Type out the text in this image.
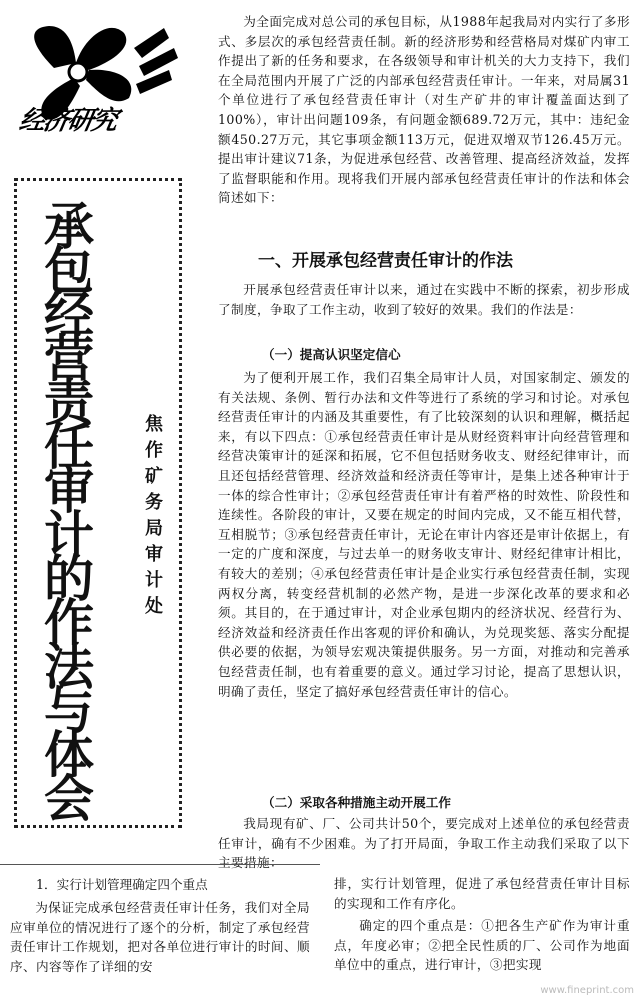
经济研究
承
包
经
营
责
任
审
计
的
作
法
与
体
会
焦
作
矿
务
局
审
计
处

为全面完成对总公司的承包目标，从1988年起我局对内实行了多形式、多层次的承包经营责任制。新的经济形势和经营格局对煤矿内审工作提出了新的任务和要求，在各级领导和审计机关的大力支持下，我们在全局范围内开展了广泛的内部承包经营责任审计。一年来，对局属31个单位进行了承包经营责任审计（对生产矿井的审计覆盖面达到了100%），审计出问题109条，有问题金额689.72万元，其中：违纪金额450.27万元，其它事项金额113万元，促进双增双节126.45万元。提出审计建议71条，为促进承包经营、改善管理、提高经济效益，发挥了监督职能和作用。现将我们开展内部承包经营责任审计的作法和体会简述如下：

一、开展承包经营责任审计的作法

开展承包经营责任审计以来，通过在实践中不断的探索，初步形成了制度，争取了工作主动，收到了较好的效果。我们的作法是：

（一）提高认识坚定信心

为了便利开展工作，我们召集全局审计人员，对国家制定、颁发的有关法规、条例、暂行办法和文件等进行了系统的学习和讨论。对承包经营责任审计的内涵及其重要性，有了比较深刻的认识和理解，概括起来，有以下四点：①承包经营责任审计是从财经资料审计向经营管理和经营决策审计的延深和拓展，它不但包括财务收支、财经纪律审计，而且还包括经营管理、经济效益和经济责任等审计，是集上述各种审计于一体的综合性审计；②承包经营责任审计有着严格的时效性、阶段性和连续性。各阶段的审计，又要在规定的时间内完成，又不能互相代替，互相脱节；③承包经营责任审计，无论在审计内容还是审计依据上，有一定的广度和深度，与过去单一的财务收支审计、财经纪律审计相比，有较大的差别；④承包经营责任审计是企业实行承包经营责任制，实现两权分离，转变经营机制的必然产物，是进一步深化改革的要求和必须。其目的，在于通过审计，对企业承包期内的经济状况、经营行为、经济效益和经济责任作出客观的评价和确认，为兑现奖惩、落实分配提供必要的依据，为领导宏观决策提供服务。另一方面，对推动和完善承包经营责任制，也有着重要的意义。通过学习讨论，提高了思想认识，明确了责任，坚定了搞好承包经营责任审计的信心。

（二）采取各种措施主动开展工作

我局现有矿、厂、公司共计50个，要完成对上述单位的承包经营责任审计，确有不少困难。为了打开局面，争取工作主动我们采取了以下主要措施：

1．实行计划管理确定四个重点

为保证完成承包经营责任审计任务，我们对全局应审单位的情况进行了逐个的分析，制定了承包经营责任审计工作规划，把对各单位进行审计的时间、顺序、内容等作了详细的安

排，实行计划管理，促进了承包经营责任审计目标的实现和工作有序化。

确定的四个重点是：①把各生产矿作为审计重点，年度必审；②把全民性质的厂、公司作为地面单位中的重点，进行审计，③把实现

www.fineprint.com
